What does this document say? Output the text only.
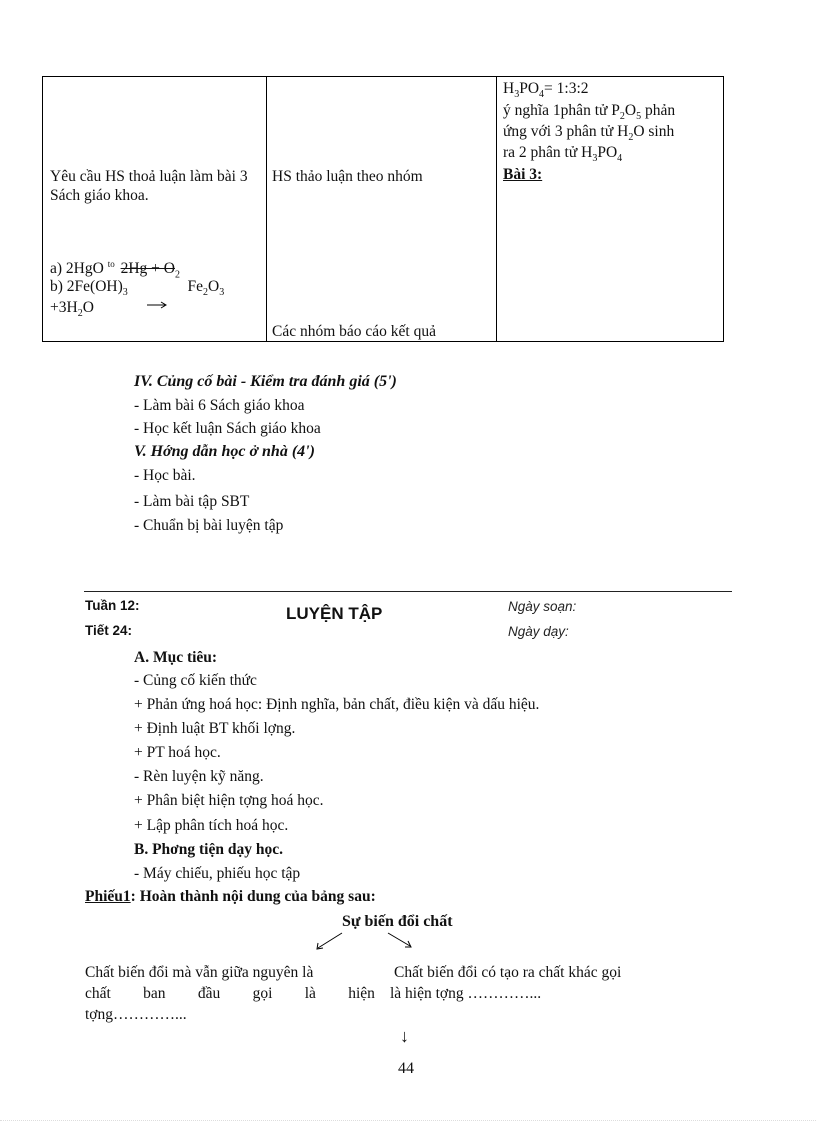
Yêu cầu HS thoả luận làm bài 3 Sách giáo khoa.
a) 2HgO $^{to}$ $2Hg + O_2$
b) $2Fe(OH)_3$	$Fe_2O_3$
$+3H_2O$
HS thảo luận theo nhóm
Các nhóm báo cáo kết quả
$H_3PO_4=$ 1:3:2
ý nghĩa 1phân tử $P_2O_5$ phản
ứng với 3 phân tử $H_2O$ sinh
ra 2 phân tử $H_3PO_4$
Bài 3:
IV. Củng cố bài - Kiểm tra đánh giá (5')
- Làm bài 6 Sách giáo khoa
- Học kết luận Sách giáo khoa
V. Hớng dẫn học ở nhà (4')
- Học bài.
- Làm bài tập SBT
- Chuẩn bị bài luyện tập
Tuần 12:
Tiết 24:
LUYỆN TẬP	Ngày soạn:
Ngày dạy:
A. Mục tiêu:
- Củng cố kiến thức
+ Phản ứng hoá học: Định nghĩa, bản chất, điều kiện và dấu hiệu.
+ Định luật BT khối lợng.
+ PT hoá học.
- Rèn luyện kỹ năng.
+ Phân biệt hiện tợng hoá học.
+ Lập phân tích hoá học.
B. Phơng tiện dạy học.
- Máy chiếu, phiếu học tập
Phiếu1: Hoàn thành nội dung của bảng sau:
Sự biến đổi chất
Chất biến đổi mà vẫn giữa nguyên là
chất ban đầu gọi là hiện
tợng…………...
Chất biến đổi có tạo ra chất khác gọi
là hiện tợng …………...
↓
44
